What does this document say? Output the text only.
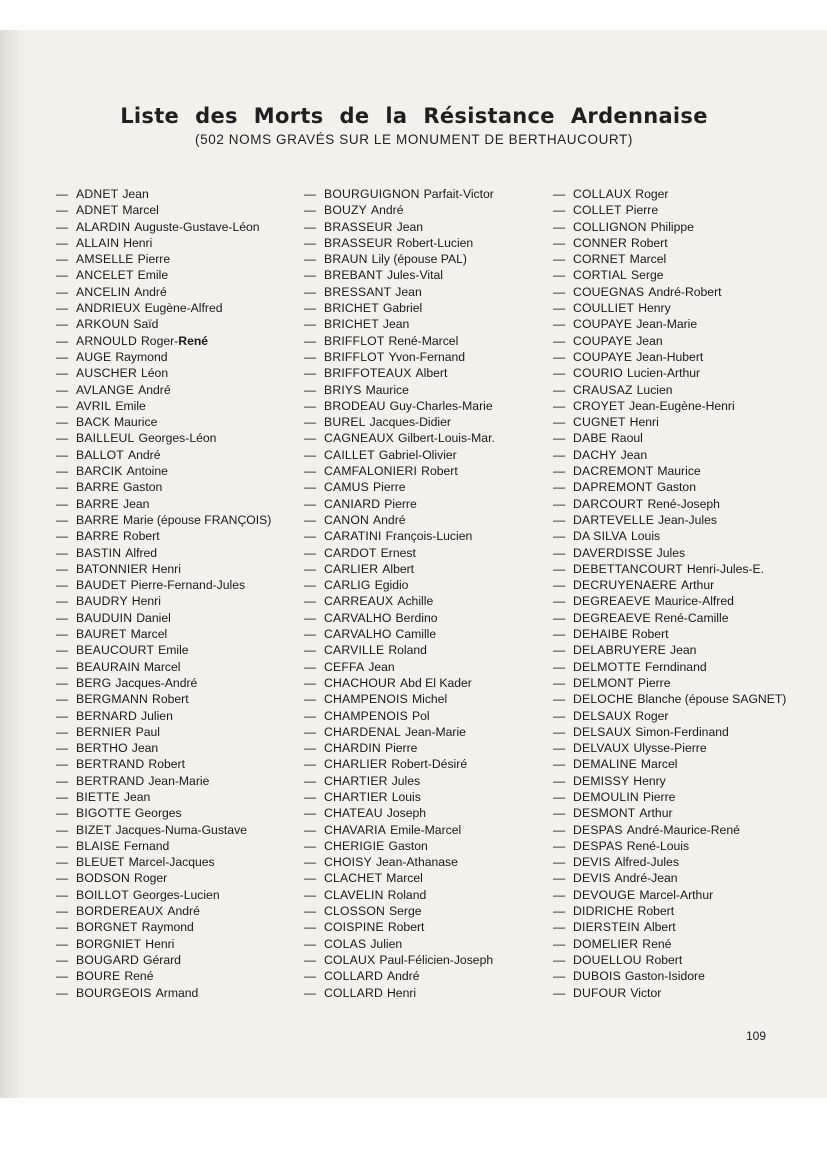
Liste des Morts de la Résistance Ardennaise
(502 NOMS GRAVÉS SUR LE MONUMENT DE BERTHAUCOURT)
— ADNET Jean
— ADNET Marcel
— ALARDIN Auguste-Gustave-Léon
— ALLAIN Henri
— AMSELLE Pierre
— ANCELET Emile
— ANCELIN André
— ANDRIEUX Eugène-Alfred
— ARKOUN Saïd
— ARNOULD Roger-René
— AUGE Raymond
— AUSCHER Léon
— AVLANGE André
— AVRIL Emile
— BACK Maurice
— BAILLEUL Georges-Léon
— BALLOT André
— BARCIK Antoine
— BARRE Gaston
— BARRE Jean
— BARRE Marie (épouse FRANÇOIS)
— BARRE Robert
— BASTIN Alfred
— BATONNIER Henri
— BAUDET Pierre-Fernand-Jules
— BAUDRY Henri
— BAUDUIN Daniel
— BAURET Marcel
— BEAUCOURT Emile
— BEAURAIN Marcel
— BERG Jacques-André
— BERGMANN Robert
— BERNARD Julien
— BERNIER Paul
— BERTHO Jean
— BERTRAND Robert
— BERTRAND Jean-Marie
— BIETTE Jean
— BIGOTTE Georges
— BIZET Jacques-Numa-Gustave
— BLAISE Fernand
— BLEUET Marcel-Jacques
— BODSON Roger
— BOILLOT Georges-Lucien
— BORDEREAUX André
— BORGNET Raymond
— BORGNIET Henri
— BOUGARD Gérard
— BOURE René
— BOURGEOIS Armand
— BOURGUIGNON Parfait-Victor
— BOUZY André
— BRASSEUR Jean
— BRASSEUR Robert-Lucien
— BRAUN Lily (épouse PAL)
— BREBANT Jules-Vital
— BRESSANT Jean
— BRICHET Gabriel
— BRICHET Jean
— BRIFFLOT René-Marcel
— BRIFFLOT Yvon-Fernand
— BRIFFOTEAUX Albert
— BRIYS Maurice
— BRODEAU Guy-Charles-Marie
— BUREL Jacques-Didier
— CAGNEAUX Gilbert-Louis-Mar.
— CAILLET Gabriel-Olivier
— CAMFALONIERI Robert
— CAMUS Pierre
— CANIARD Pierre
— CANON André
— CARATINI François-Lucien
— CARDOT Ernest
— CARLIER Albert
— CARLIG Egidio
— CARREAUX Achille
— CARVALHO Berdino
— CARVALHO Camille
— CARVILLE Roland
— CEFFA Jean
— CHACHOUR Abd El Kader
— CHAMPENOIS Michel
— CHAMPENOIS Pol
— CHARDENAL Jean-Marie
— CHARDIN Pierre
— CHARLIER Robert-Désiré
— CHARTIER Jules
— CHARTIER Louis
— CHATEAU Joseph
— CHAVARIA Emile-Marcel
— CHERIGIE Gaston
— CHOISY Jean-Athanase
— CLACHET Marcel
— CLAVELIN Roland
— CLOSSON Serge
— COISPINE Robert
— COLAS Julien
— COLAUX Paul-Félicien-Joseph
— COLLARD André
— COLLARD Henri
— COLLAUX Roger
— COLLET Pierre
— COLLIGNON Philippe
— CONNER Robert
— CORNET Marcel
— CORTIAL Serge
— COUEGNAS André-Robert
— COULLIET Henry
— COUPAYE Jean-Marie
— COUPAYE Jean
— COUPAYE Jean-Hubert
— COURIO Lucien-Arthur
— CRAUSAZ Lucien
— CROYET Jean-Eugène-Henri
— CUGNET Henri
— DABE Raoul
— DACHY Jean
— DACREMONT Maurice
— DAPREMONT Gaston
— DARCOURT René-Joseph
— DARTEVELLE Jean-Jules
— DA SILVA Louis
— DAVERDISSE Jules
— DEBETTANCOURT Henri-Jules-E.
— DECRUYENAERE Arthur
— DEGREAEVE Maurice-Alfred
— DEGREAEVE René-Camille
— DEHAIBE Robert
— DELABRUYERE Jean
— DELMOTTE Ferndinand
— DELMONT Pierre
— DELOCHE Blanche (épouse SAGNET)
— DELSAUX Roger
— DELSAUX Simon-Ferdinand
— DELVAUX Ulysse-Pierre
— DEMALINE Marcel
— DEMISSY Henry
— DEMOULIN Pierre
— DESMONT Arthur
— DESPAS André-Maurice-René
— DESPAS René-Louis
— DEVIS Alfred-Jules
— DEVIS André-Jean
— DEVOUGE Marcel-Arthur
— DIDRICHE Robert
— DIERSTEIN Albert
— DOMELIER René
— DOUELLOU Robert
— DUBOIS Gaston-Isidore
— DUFOUR Victor
109
